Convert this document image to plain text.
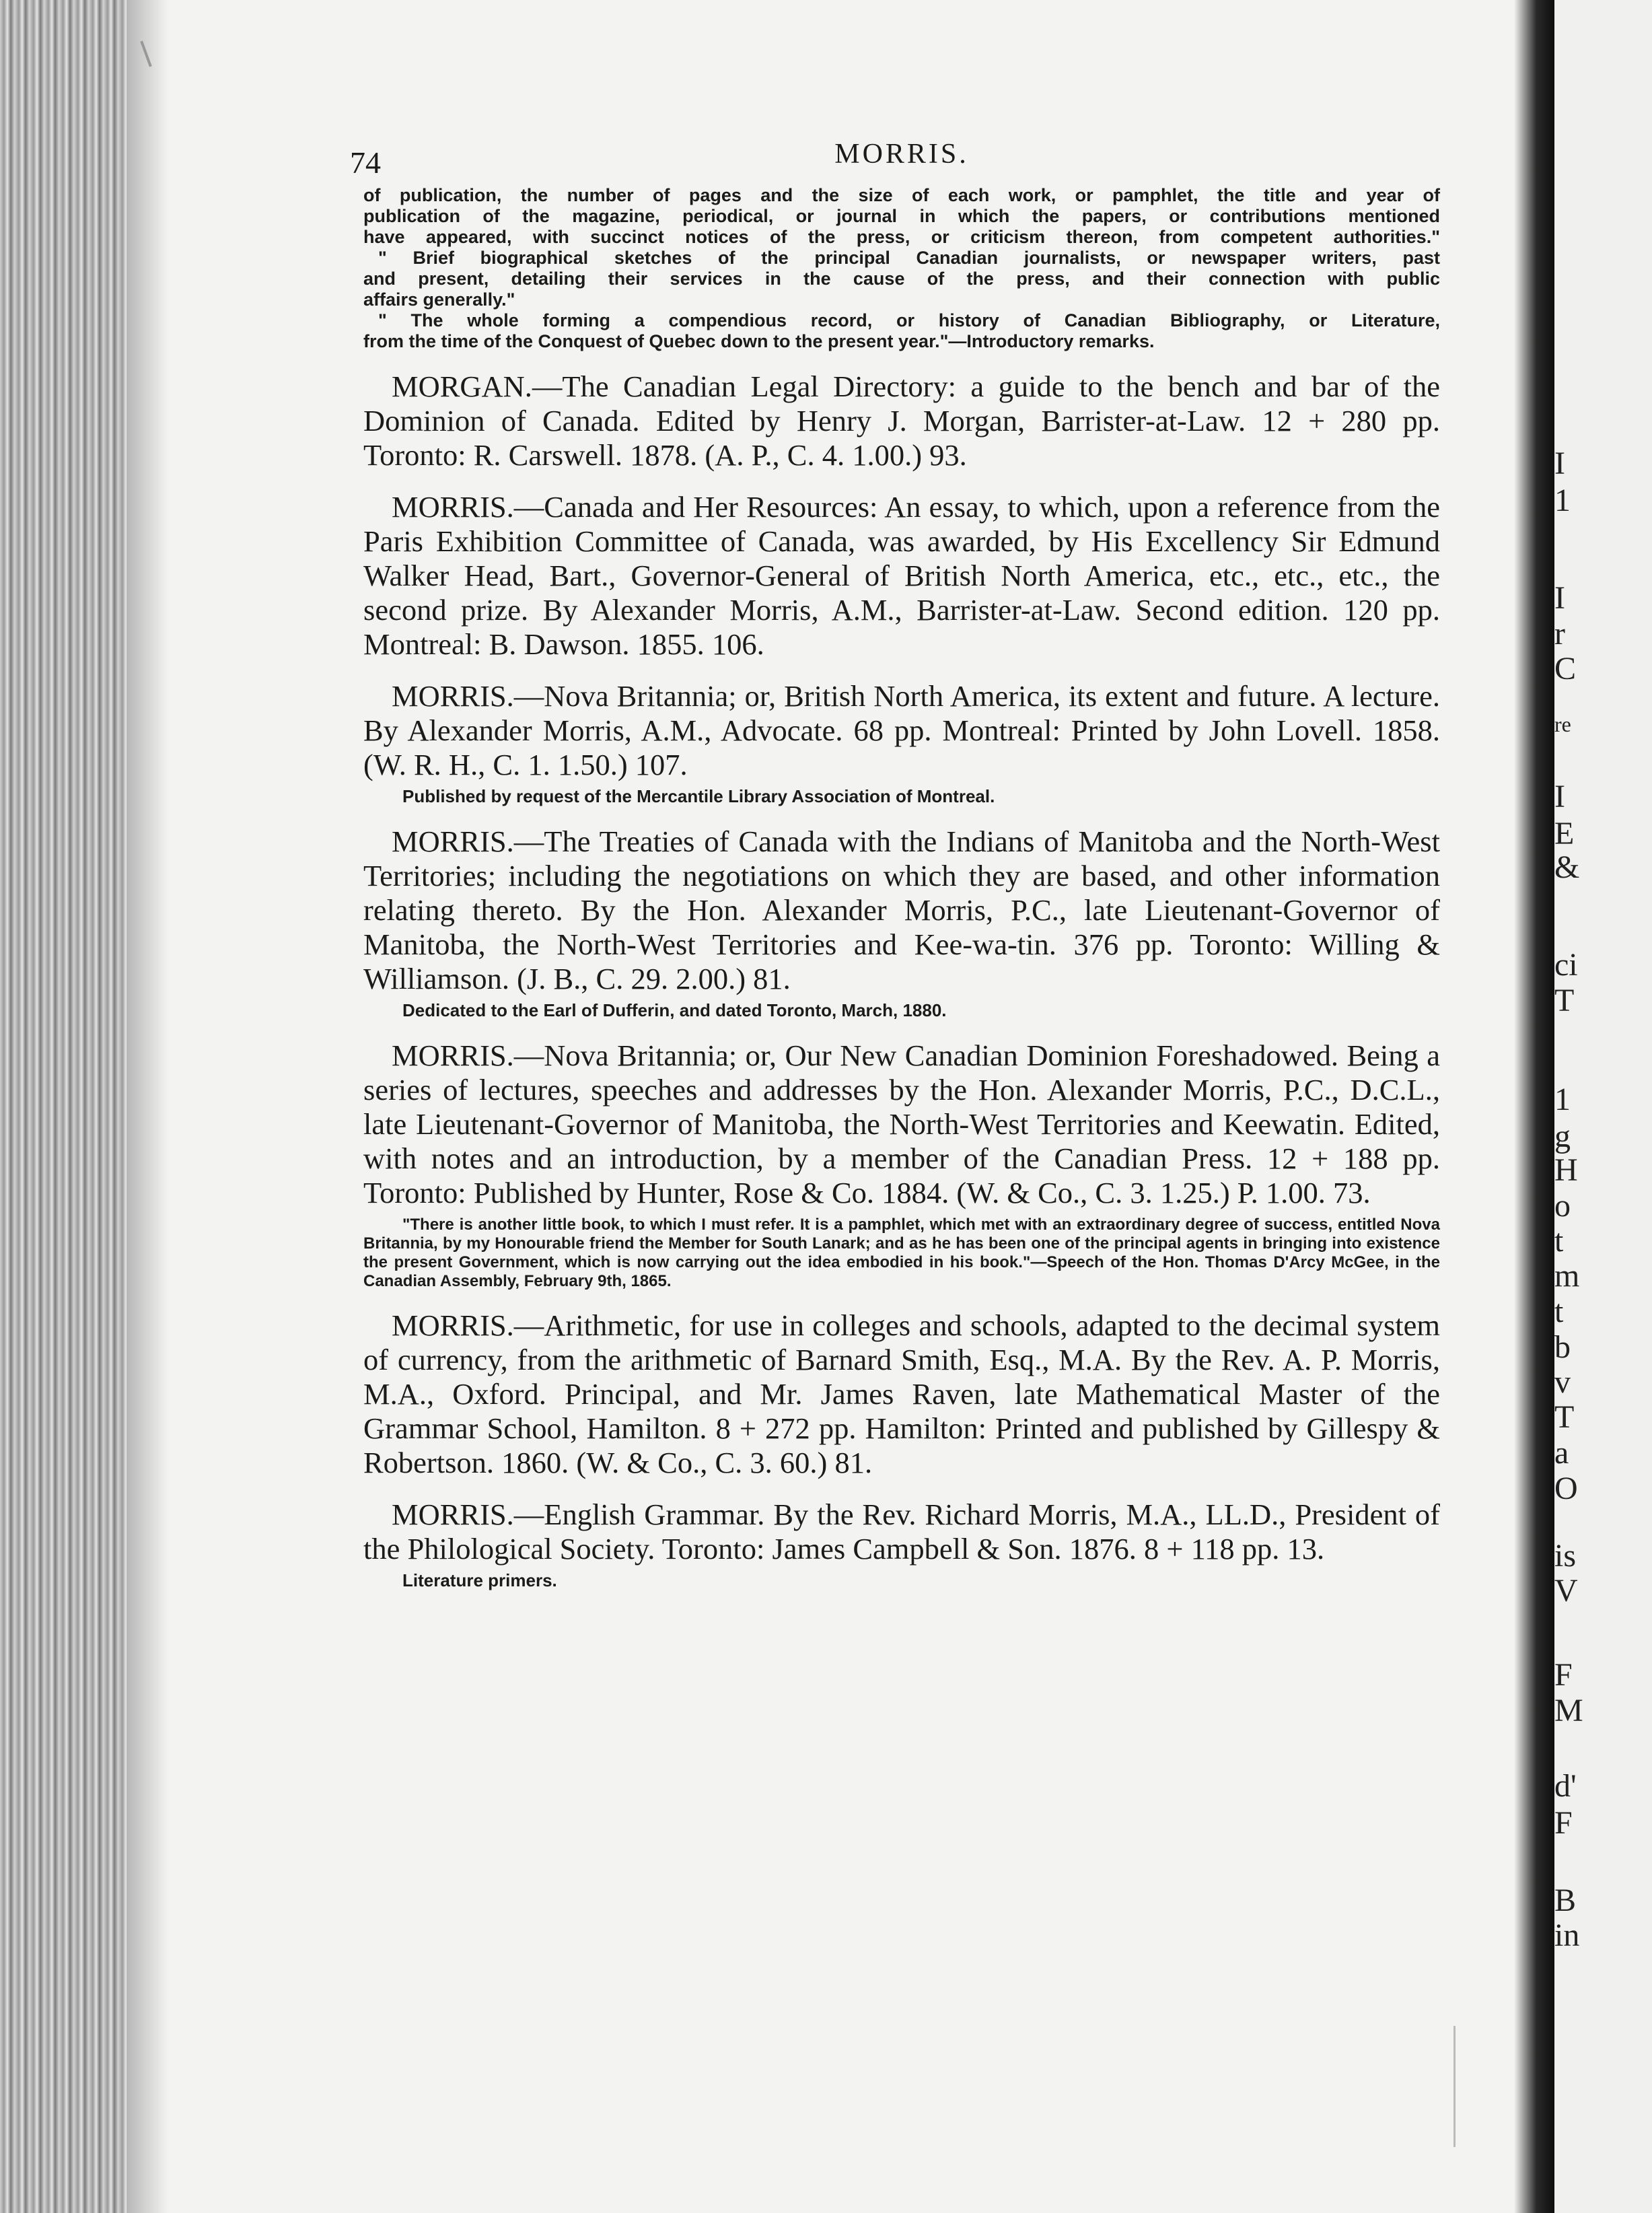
I
1
I
r
C
re
I
E
&
ci
T
1
g
H
o
t
m
t
b
v
T
a
O
is
V
F
M
d'
F
B
in
74	MORRIS.
of publication, the number of pages and the size of each work, or pamphlet, the title and year of
publication of the magazine, periodical, or journal in which the papers, or contributions mentioned
have appeared, with succinct notices of the press, or criticism thereon, from competent authorities."
" Brief biographical sketches of the principal Canadian journalists, or newspaper writers, past
and present, detailing their services in the cause of the press, and their connection with public
affairs generally."
" The whole forming a compendious record, or history of Canadian Bibliography, or Literature,
from the time of the Conquest of Quebec down to the present year."—Introductory remarks.

MORGAN.—The Canadian Legal Directory: a guide to the bench and bar of the Dominion of Canada. Edited by Henry J. Morgan, Barrister-at-Law. 12 + 280 pp. Toronto: R. Carswell. 1878. (A. P., C. 4. 1.00.) 93.

MORRIS.—Canada and Her Resources: An essay, to which, upon a reference from the Paris Exhibition Committee of Canada, was awarded, by His Excellency Sir Edmund Walker Head, Bart., Governor-General of British North America, etc., etc., etc., the second prize. By Alexander Morris, A.M., Barrister-at-Law. Second edition. 120 pp. Montreal: B. Dawson. 1855. 106.

MORRIS.—Nova Britannia; or, British North America, its extent and future. A lecture. By Alexander Morris, A.M., Advocate. 68 pp. Montreal: Printed by John Lovell. 1858. (W. R. H., C. 1. 1.50.) 107.

Published by request of the Mercantile Library Association of Montreal.

MORRIS.—The Treaties of Canada with the Indians of Manitoba and the North-West Territories; including the negotiations on which they are based, and other information relating thereto. By the Hon. Alexander Morris, P.C., late Lieutenant-Governor of Manitoba, the North-West Territories and Kee-wa-tin. 376 pp. Toronto: Willing & Williamson. (J. B., C. 29. 2.00.) 81.

Dedicated to the Earl of Dufferin, and dated Toronto, March, 1880.

MORRIS.—Nova Britannia; or, Our New Canadian Dominion Foreshadowed. Being a series of lectures, speeches and addresses by the Hon. Alexander Morris, P.C., D.C.L., late Lieutenant-Governor of Manitoba, the North-West Territories and Keewatin. Edited, with notes and an introduction, by a member of the Canadian Press. 12 + 188 pp. Toronto: Published by Hunter, Rose & Co. 1884. (W. & Co., C. 3. 1.25.) P. 1.00. 73.

"There is another little book, to which I must refer. It is a pamphlet, which met with an extraordinary degree of success, entitled Nova Britannia, by my Honourable friend the Member for South Lanark; and as he has been one of the principal agents in bringing into existence the present Government, which is now carrying out the idea embodied in his book."—Speech of the Hon. Thomas D'Arcy McGee, in the Canadian Assembly, February 9th, 1865.

MORRIS.—Arithmetic, for use in colleges and schools, adapted to the decimal system of currency, from the arithmetic of Barnard Smith, Esq., M.A. By the Rev. A. P. Morris, M.A., Oxford. Principal, and Mr. James Raven, late Mathematical Master of the Grammar School, Hamilton. 8 + 272 pp. Hamilton: Printed and published by Gillespy & Robertson. 1860. (W. & Co., C. 3. 60.) 81.

MORRIS.—English Grammar. By the Rev. Richard Morris, M.A., LL.D., President of the Philological Society. Toronto: James Campbell & Son. 1876. 8 + 118 pp. 13.

Literature primers.
